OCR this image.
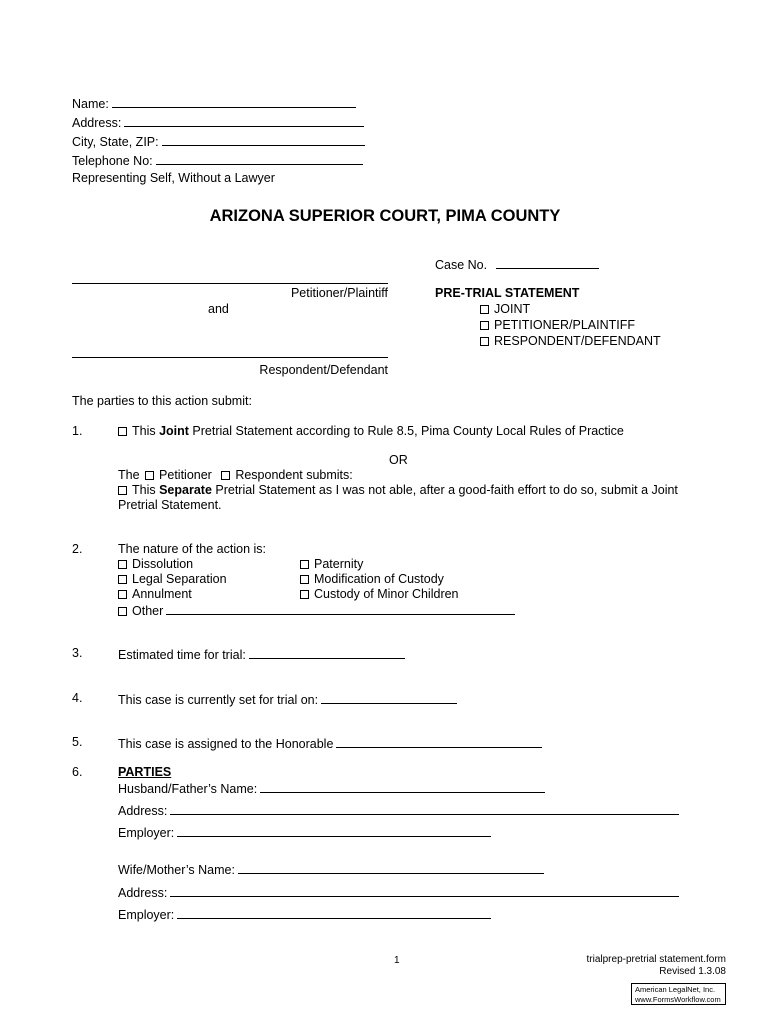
Name:
Address:
City, State, ZIP:
Telephone No:
Representing Self, Without a Lawyer
ARIZONA SUPERIOR COURT, PIMA COUNTY
Case No.
Petitioner/Plaintiff
and
Respondent/Defendant
PRE-TRIAL STATEMENT
JOINT
PETITIONER/PLAINTIFF
RESPONDENT/DEFENDANT
The parties to this action submit:
1.	This Joint Pretrial Statement according to Rule 8.5, Pima County Local Rules of Practice
OR
The Petitioner Respondent submits:
This Separate Pretrial Statement as I was not able, after a good-faith effort to do so, submit a Joint
Pretrial Statement.
2.	The nature of the action is:
Dissolution
Legal Separation
Annulment
Other
Paternity
Modification of Custody
Custody of Minor Children
3.	Estimated time for trial:
4.	This case is currently set for trial on:
5.	This case is assigned to the Honorable
6.	PARTIES
Husband/Father’s Name:
Address:
Employer:
Wife/Mother’s Name:
Address:
Employer:
1	trialprep-pretrial statement.form
Revised 1.3.08
American LegalNet, Inc.
www.FormsWorkflow.com
